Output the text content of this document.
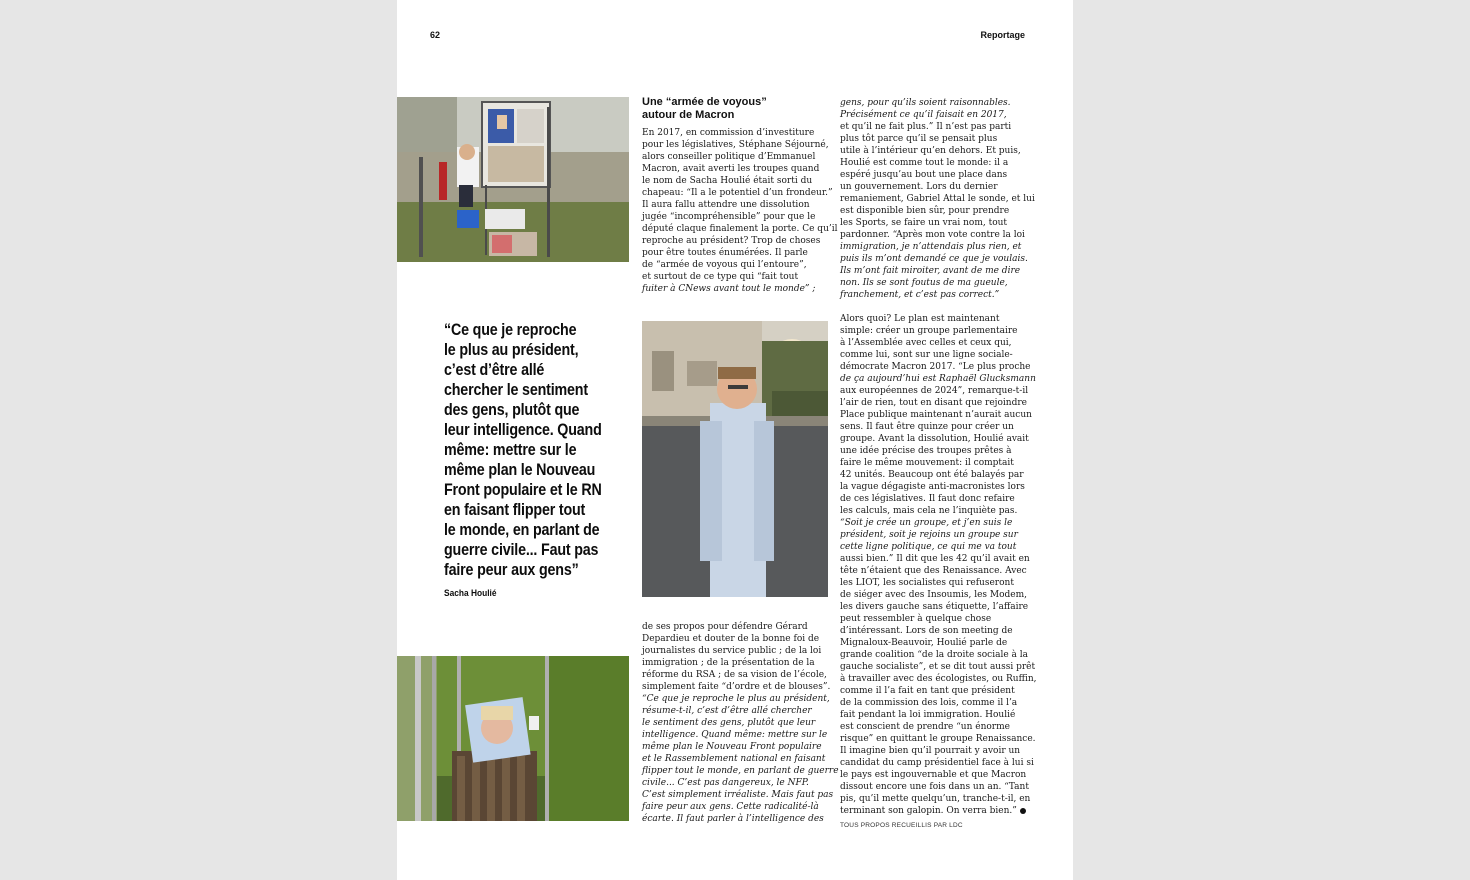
62	Reportage
Une “armée de voyous”
autour de Macron

En 2017, en commission d’investiture
pour les législatives, Stéphane Séjourné,
alors conseiller politique d’Emmanuel
Macron, avait averti les troupes quand
le nom de Sacha Houlié était sorti du
chapeau: “Il a le potentiel d’un frondeur.”
Il aura fallu attendre une dissolution
jugée “incompréhensible” pour que le
député claque finalement la porte. Ce qu’il
reproche au président? Trop de choses
pour être toutes énumérées. Il parle
de “armée de voyous qui l’entoure”,
et surtout de ce type qui “fait tout
fuiter à CNews avant tout le monde” ;

“Ce que je reproche
le plus au président,
c’est d’être allé
chercher le sentiment
des gens, plutôt que
leur intelligence. Quand
même: mettre sur le
même plan le Nouveau
Front populaire et le RN
en faisant flipper tout
le monde, en parlant de
guerre civile... Faut pas
faire peur aux gens”
Sacha Houlié

de ses propos pour défendre Gérard
Depardieu et douter de la bonne foi de
journalistes du service public ; de la loi
immigration ; de la présentation de la
réforme du RSA ; de sa vision de l’école,
simplement faite “d’ordre et de blouses”.
“Ce que je reproche le plus au président,
résume-t-il, c’est d’être allé chercher
le sentiment des gens, plutôt que leur
intelligence. Quand même: mettre sur le
même plan le Nouveau Front populaire
et le Rassemblement national en faisant
flipper tout le monde, en parlant de guerre
civile... C’est pas dangereux, le NFP.
C’est simplement irréaliste. Mais faut pas
faire peur aux gens. Cette radicalité-là
écarte. Il faut parler à l’intelligence des

gens, pour qu’ils soient raisonnables.
Précisément ce qu’il faisait en 2017,
et qu’il ne fait plus.” Il n’est pas parti
plus tôt parce qu’il se pensait plus
utile à l’intérieur qu’en dehors. Et puis,
Houlié est comme tout le monde: il a
espéré jusqu’au bout une place dans
un gouvernement. Lors du dernier
remaniement, Gabriel Attal le sonde, et lui
est disponible bien sûr, pour prendre
les Sports, se faire un vrai nom, tout
pardonner. “Après mon vote contre la loi
immigration, je n’attendais plus rien, et
puis ils m’ont demandé ce que je voulais.
Ils m’ont fait miroiter, avant de me dire
non. Ils se sont foutus de ma gueule,
franchement, et c’est pas correct.”

Alors quoi? Le plan est maintenant
simple: créer un groupe parlementaire
à l’Assemblée avec celles et ceux qui,
comme lui, sont sur une ligne sociale-
démocrate Macron 2017. “Le plus proche
de ça aujourd’hui est Raphaël Glucksmann
aux européennes de 2024”, remarque-t-il
l’air de rien, tout en disant que rejoindre
Place publique maintenant n’aurait aucun
sens. Il faut être quinze pour créer un
groupe. Avant la dissolution, Houlié avait
une idée précise des troupes prêtes à
faire le même mouvement: il comptait
42 unités. Beaucoup ont été balayés par
la vague dégagiste anti-macronistes lors
de ces législatives. Il faut donc refaire
les calculs, mais cela ne l’inquiète pas.
“Soit je crée un groupe, et j’en suis le
président, soit je rejoins un groupe sur
cette ligne politique, ce qui me va tout
aussi bien.” Il dit que les 42 qu’il avait en
tête n’étaient que des Renaissance. Avec
les LIOT, les socialistes qui refuseront
de siéger avec des Insoumis, les Modem,
les divers gauche sans étiquette, l’affaire
peut ressembler à quelque chose
d’intéressant. Lors de son meeting de
Mignaloux-Beauvoir, Houlié parle de
grande coalition “de la droite sociale à la
gauche socialiste”, et se dit tout aussi prêt
à travailler avec des écologistes, ou Ruffin,
comme il l’a fait en tant que président
de la commission des lois, comme il l’a
fait pendant la loi immigration. Houlié
est conscient de prendre “un énorme
risque” en quittant le groupe Renaissance.
Il imagine bien qu’il pourrait y avoir un
candidat du camp présidentiel face à lui si
le pays est ingouvernable et que Macron
dissout encore une fois dans un an. “Tant
pis, qu’il mette quelqu’un, tranche-t-il, en
terminant son galopin. On verra bien.”

TOUS PROPOS RECUEILLIS PAR LDC
